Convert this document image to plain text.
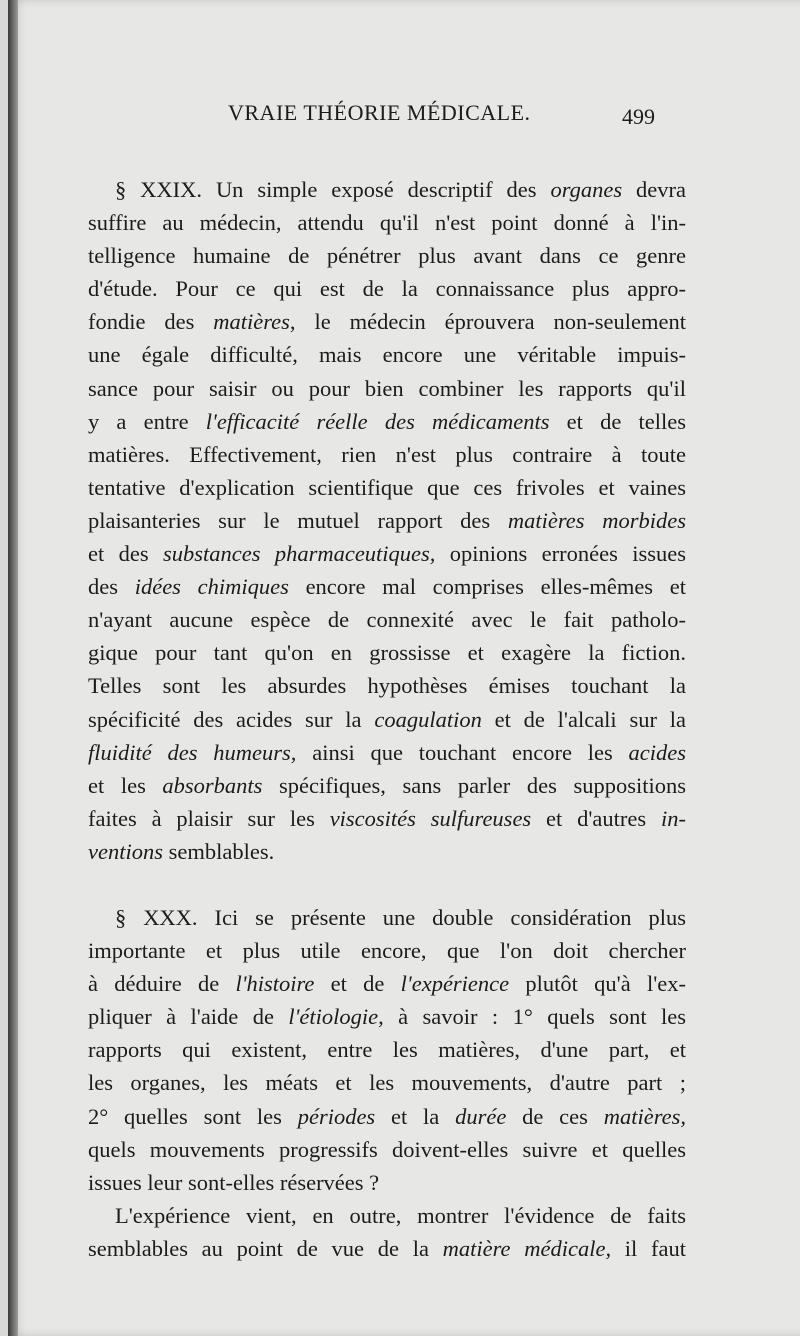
VRAIE THÉORIE MÉDICALE.	499
§ XXIX. Un simple exposé descriptif des organes devra
suffire au médecin, attendu qu'il n'est point donné à l'in-
telligence humaine de pénétrer plus avant dans ce genre
d'étude. Pour ce qui est de la connaissance plus appro-
fondie des matières, le médecin éprouvera non-seulement
une égale difficulté, mais encore une véritable impuis-
sance pour saisir ou pour bien combiner les rapports qu'il
y a entre l'efficacité réelle des médicaments et de telles
matières. Effectivement, rien n'est plus contraire à toute
tentative d'explication scientifique que ces frivoles et vaines
plaisanteries sur le mutuel rapport des matières morbides
et des substances pharmaceutiques, opinions erronées issues
des idées chimiques encore mal comprises elles-mêmes et
n'ayant aucune espèce de connexité avec le fait patholo-
gique pour tant qu'on en grossisse et exagère la fiction.
Telles sont les absurdes hypothèses émises touchant la
spécificité des acides sur la coagulation et de l'alcali sur la
fluidité des humeurs, ainsi que touchant encore les acides
et les absorbants spécifiques, sans parler des suppositions
faites à plaisir sur les viscosités sulfureuses et d'autres in-
ventions semblables.
§ XXX. Ici se présente une double considération plus
importante et plus utile encore, que l'on doit chercher
à déduire de l'histoire et de l'expérience plutôt qu'à l'ex-
pliquer à l'aide de l'étiologie, à savoir : 1° quels sont les
rapports qui existent, entre les matières, d'une part, et
les organes, les méats et les mouvements, d'autre part ;
2° quelles sont les périodes et la durée de ces matières,
quels mouvements progressifs doivent-elles suivre et quelles
issues leur sont-elles réservées ?
L'expérience vient, en outre, montrer l'évidence de faits
semblables au point de vue de la matière médicale, il faut
